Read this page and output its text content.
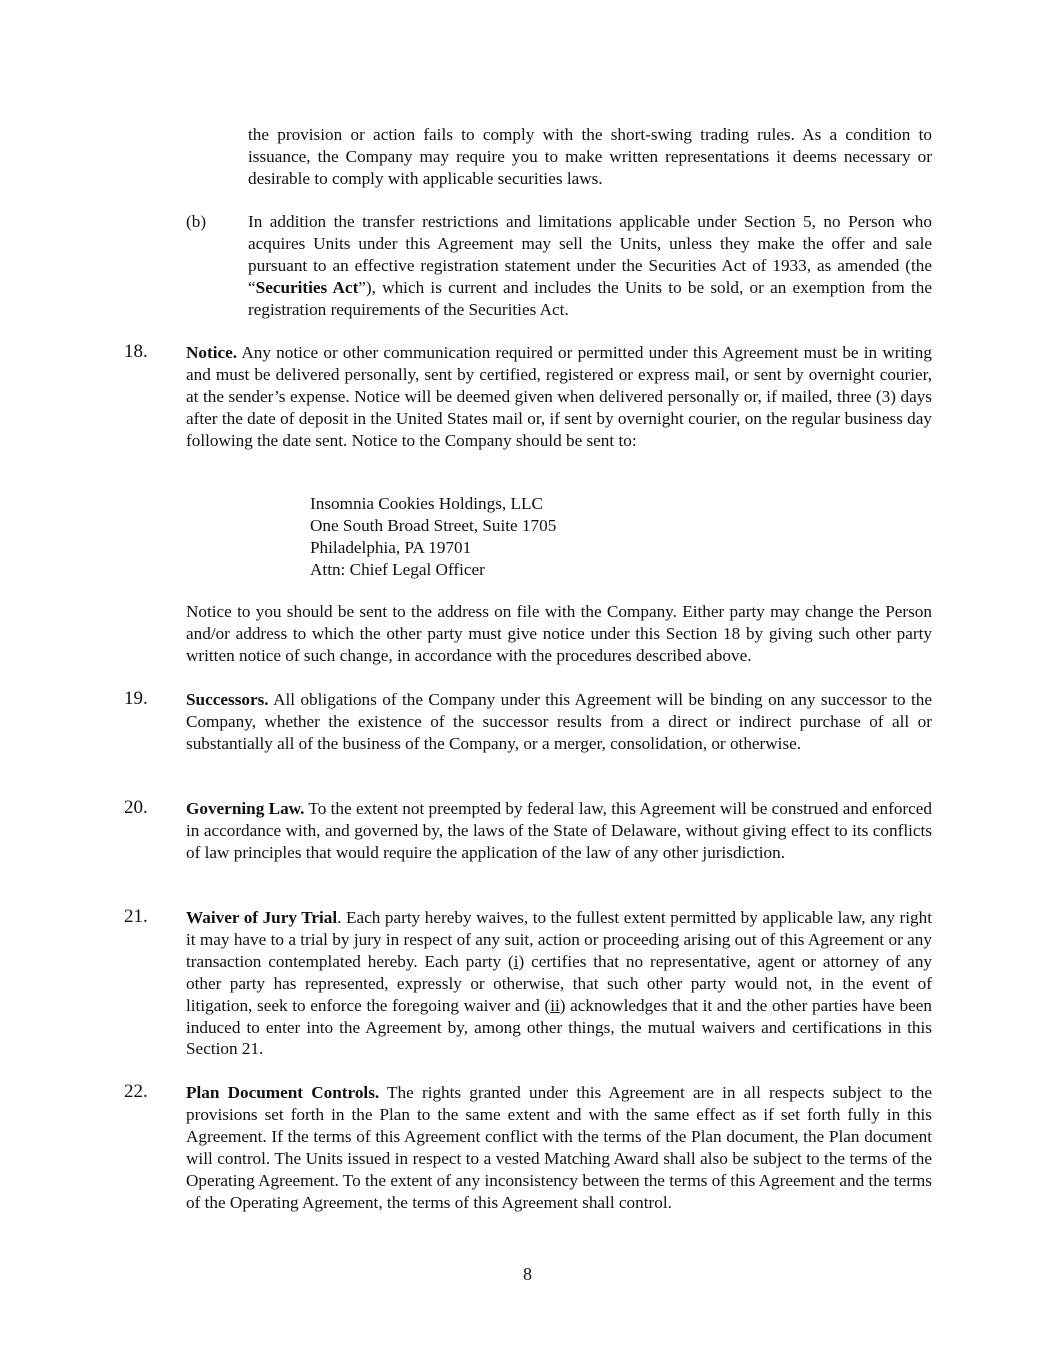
the provision or action fails to comply with the short-swing trading rules. As a condition to issuance, the Company may require you to make written representations it deems necessary or desirable to comply with applicable securities laws.

(b) In addition the transfer restrictions and limitations applicable under Section 5, no Person who acquires Units under this Agreement may sell the Units, unless they make the offer and sale pursuant to an effective registration statement under the Securities Act of 1933, as amended (the “Securities Act”), which is current and includes the Units to be sold, or an exemption from the registration requirements of the Securities Act.

18. Notice. Any notice or other communication required or permitted under this Agreement must be in writing and must be delivered personally, sent by certified, registered or express mail, or sent by overnight courier, at the sender’s expense. Notice will be deemed given when delivered personally or, if mailed, three (3) days after the date of deposit in the United States mail or, if sent by overnight courier, on the regular business day following the date sent. Notice to the Company should be sent to:

Insomnia Cookies Holdings, LLC
One South Broad Street, Suite 1705
Philadelphia, PA 19701
Attn: Chief Legal Officer

Notice to you should be sent to the address on file with the Company. Either party may change the Person and/or address to which the other party must give notice under this Section 18 by giving such other party written notice of such change, in accordance with the procedures described above.

19. Successors. All obligations of the Company under this Agreement will be binding on any successor to the Company, whether the existence of the successor results from a direct or indirect purchase of all or substantially all of the business of the Company, or a merger, consolidation, or otherwise.

20. Governing Law. To the extent not preempted by federal law, this Agreement will be construed and enforced in accordance with, and governed by, the laws of the State of Delaware, without giving effect to its conflicts of law principles that would require the application of the law of any other jurisdiction.

21. Waiver of Jury Trial. Each party hereby waives, to the fullest extent permitted by applicable law, any right it may have to a trial by jury in respect of any suit, action or proceeding arising out of this Agreement or any transaction contemplated hereby. Each party (i) certifies that no representative, agent or attorney of any other party has represented, expressly or otherwise, that such other party would not, in the event of litigation, seek to enforce the foregoing waiver and (ii) acknowledges that it and the other parties have been induced to enter into the Agreement by, among other things, the mutual waivers and certifications in this Section 21.

22. Plan Document Controls. The rights granted under this Agreement are in all respects subject to the provisions set forth in the Plan to the same extent and with the same effect as if set forth fully in this Agreement. If the terms of this Agreement conflict with the terms of the Plan document, the Plan document will control. The Units issued in respect to a vested Matching Award shall also be subject to the terms of the Operating Agreement. To the extent of any inconsistency between the terms of this Agreement and the terms of the Operating Agreement, the terms of this Agreement shall control.

8
